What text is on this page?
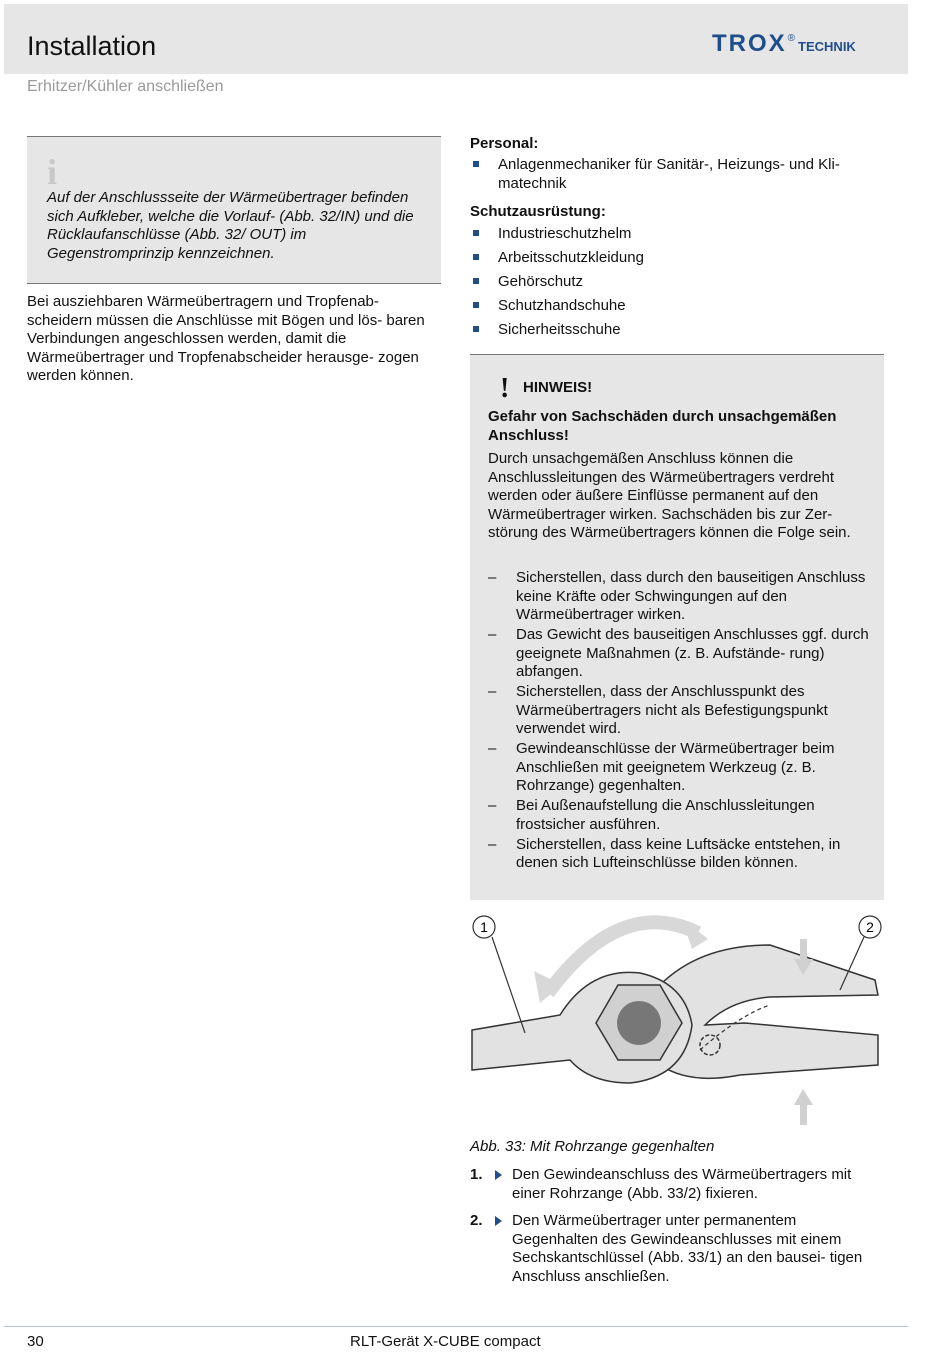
Installation	TROX ®
TECHNIK
Erhitzer/Kühler anschließen
i
Auf der Anschlussseite der Wärmeübertrager befinden sich Aufkleber, welche die Vorlauf- (Abb. 32/IN) und die Rücklaufanschlüsse (Abb. 32/ OUT) im Gegenstromprinzip kennzeichnen.
Bei ausziehbaren Wärmeübertragern und Tropfenab- scheidern müssen die Anschlüsse mit Bögen und lös- baren Verbindungen angeschlossen werden, damit die Wärmeübertrager und Tropfenabscheider herausge- zogen werden können.
Personal:
Anlagenmechaniker für Sanitär-, Heizungs- und Kli- matechnik
Schutzausrüstung:
Industrieschutzhelm
Arbeitsschutzkleidung
Gehörschutz
Schutzhandschuhe
Sicherheitsschuhe
! HINWEIS!
Gefahr von Sachschäden durch unsachgemäßen Anschluss!
Durch unsachgemäßen Anschluss können die Anschlussleitungen des Wärmeübertragers verdreht werden oder äußere Einflüsse permanent auf den Wärmeübertrager wirken. Sachschäden bis zur Zer- störung des Wärmeübertragers können die Folge sein.
– Sicherstellen, dass durch den bauseitigen Anschluss keine Kräfte oder Schwingungen auf den Wärmeübertrager wirken.
– Das Gewicht des bauseitigen Anschlusses ggf. durch geeignete Maßnahmen (z. B. Aufstände- rung) abfangen.
– Sicherstellen, dass der Anschlusspunkt des Wärmeübertragers nicht als Befestigungspunkt verwendet wird.
– Gewindeanschlüsse der Wärmeübertrager beim Anschließen mit geeignetem Werkzeug (z. B. Rohrzange) gegenhalten.
– Bei Außenaufstellung die Anschlussleitungen frostsicher ausführen.
– Sicherstellen, dass keine Luftsäcke entstehen, in denen sich Lufteinschlüsse bilden können.
1	2
Abb. 33: Mit Rohrzange gegenhalten
1. Den Gewindeanschluss des Wärmeübertragers mit einer Rohrzange (Abb. 33/2) fixieren.
2. Den Wärmeübertrager unter permanentem Gegenhalten des Gewindeanschlusses mit einem Sechskantschlüssel (Abb. 33/1) an den bausei- tigen Anschluss anschließen.
30	RLT-Gerät X-CUBE compact
